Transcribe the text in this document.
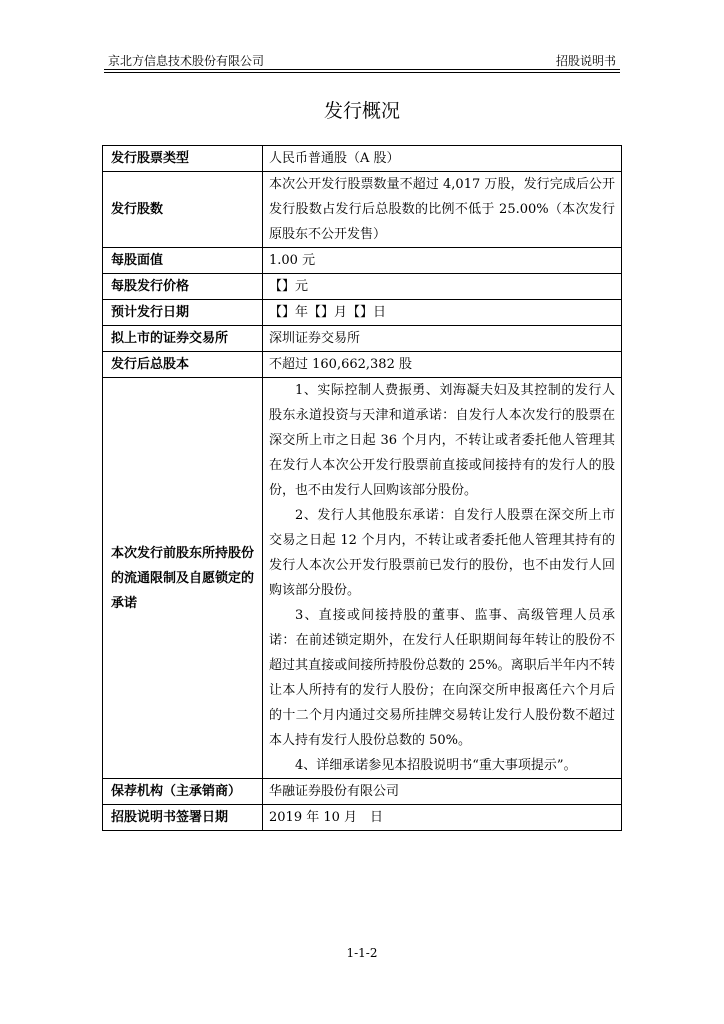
京北方信息技术股份有限公司	招股说明书
发行概况
发行股票类型	人民币普通股（A 股）
发行股数	本次公开发行股票数量不超过 4,017 万股，发行完成后公开发行股数占发行后总股数的比例不低于 25.00%（本次发行原股东不公开发售）
每股面值	1.00 元
每股发行价格	【】元
预计发行日期	【】年【】月【】日
拟上市的证券交易所	深圳证券交易所
发行后总股本	不超过 160,662,382 股
本次发行前股东所持股份的流通限制及自愿锁定的承诺	1、实际控制人费振勇、刘海凝夫妇及其控制的发行人股东永道投资与天津和道承诺：自发行人本次发行的股票在深交所上市之日起 36 个月内，不转让或者委托他人管理其在发行人本次公开发行股票前直接或间接持有的发行人的股份，也不由发行人回购该部分股份。
2、发行人其他股东承诺：自发行人股票在深交所上市交易之日起 12 个月内，不转让或者委托他人管理其持有的发行人本次公开发行股票前已发行的股份，也不由发行人回购该部分股份。
3、直接或间接持股的董事、监事、高级管理人员承诺：在前述锁定期外，在发行人任职期间每年转让的股份不超过其直接或间接所持股份总数的 25%。离职后半年内不转让本人所持有的发行人股份；在向深交所申报离任六个月后的十二个月内通过交易所挂牌交易转让发行人股份数不超过本人持有发行人股份总数的 50%。
4、详细承诺参见本招股说明书“重大事项提示”。

保荐机构（主承销商）	华融证券股份有限公司
招股说明书签署日期	2019 年 10 月　日
1-1-2
